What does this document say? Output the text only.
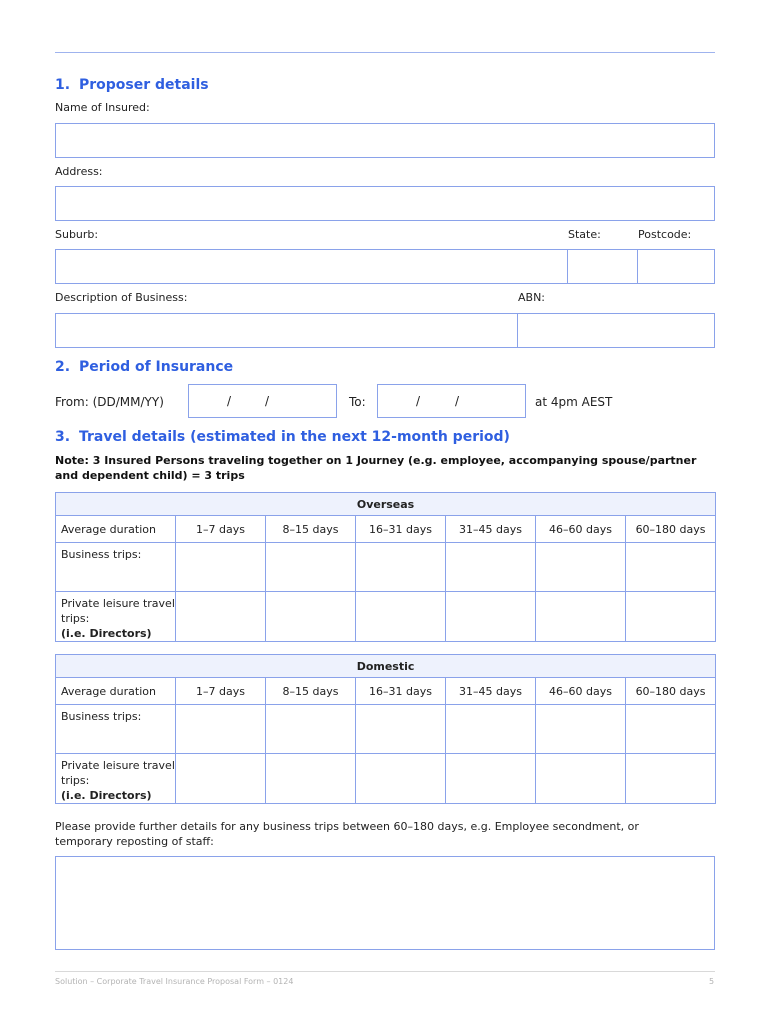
1. Proposer details
Name of Insured:
Address:
Suburb:	State:	Postcode:
Description of Business:	ABN:
2. Period of Insurance
From: (DD/MM/YY)	/	/	To:	/	/	at 4pm AEST
3. Travel details (estimated in the next 12-month period)
Note: 3 Insured Persons traveling together on 1 Journey (e.g. employee, accompanying spouse/partner and dependent child) = 3 trips
Overseas						
Average duration	1–7 days	8–15 days	16–31 days	31–45 days	46–60 days	60–180 days
Business trips:						
Private leisure travel trips:
(i.e. Directors)						
Domestic						
Average duration	1–7 days	8–15 days	16–31 days	31–45 days	46–60 days	60–180 days
Business trips:						
Private leisure travel trips:
(i.e. Directors)						
Please provide further details for any business trips between 60–180 days, e.g. Employee secondment, or temporary reposting of staff:
Solution – Corporate Travel Insurance Proposal Form – 0124	5
